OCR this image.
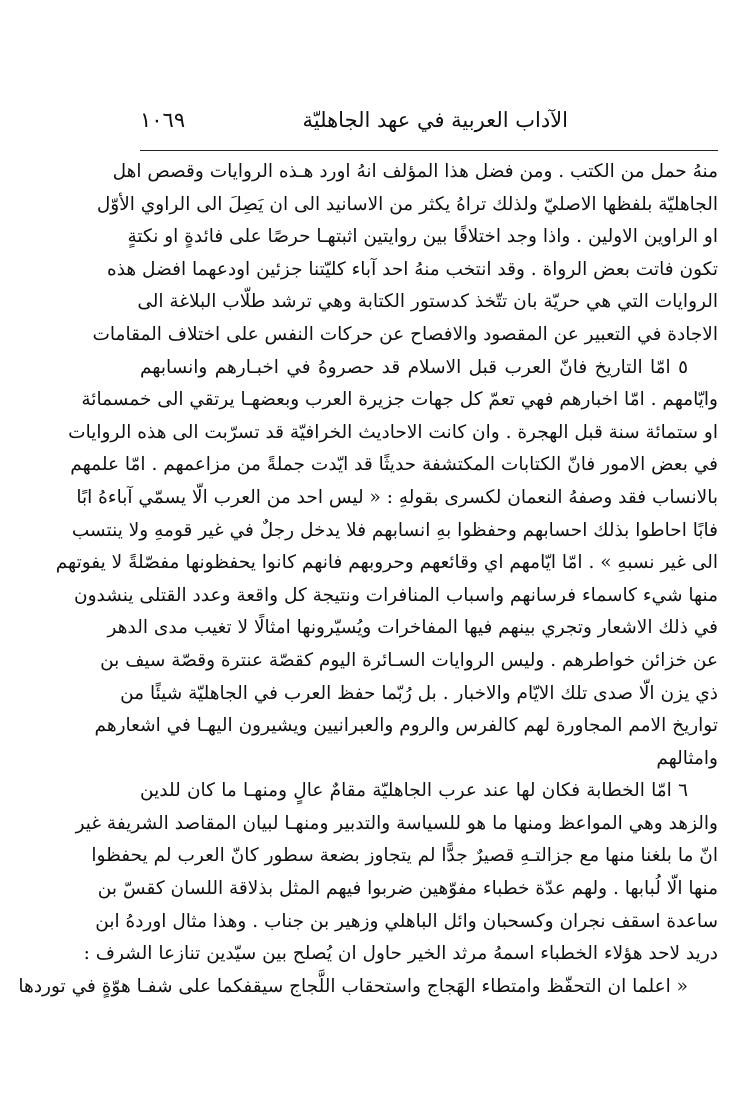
الآداب العربية في عهد الجاهليّة
١٠٦٩
منهُ حمل من الكتب . ومن فضل هذا المؤلف انهُ اورد هـذه الروايات وقصص اهل
الجاهليّة بلفظها الاصليّ ولذلك تراهُ يكثر من الاسانيد الى ان يَصِلَ الى الراوي الأوّل
او الراوين الاولين . واذا وجد اختلافًا بين روايتين اثبتهـا حرصًا على فائدةٍ او نكتةٍ
تكون فاتت بعض الرواة . وقد انتخب منهُ احد آباء كليّتنا جزئين اودعهما افضل هذه
الروايات التي هي حريّة بان تتّخذ كدستور الكتابة وهي ترشد طلّاب البلاغة الى
الاجادة في التعبير عن المقصود والافصاح عن حركات النفس على اختلاف المقامات
٥ امّا التاريخ فانّ العرب قبل الاسلام قد حصروهُ في اخبـارهم وانسابهم
وايّامهم . امّا اخبارهم فهي تعمّ كل جهات جزيرة العرب وبعضهـا يرتقي الى خمسمائة
او ستمائة سنة قبل الهجرة . وان كانت الاحاديث الخرافيّة قد تسرّبت الى هذه الروايات
في بعض الامور فانّ الكتابات المكتشفة حديثًا قد ايّدت جملةً من مزاعمهم . امّا علمهم
بالانساب فقد وصفهُ النعمان لكسرى بقولهِ : « ليس احد من العرب الّا يسمّي آباءهُ ابًا
فابًا احاطوا بذلك احسابهم وحفظوا بهِ انسابهم فلا يدخل رجلٌ في غير قومهِ ولا ينتسب
الى غير نسبهِ » . امّا ايّامهم اي وقائعهم وحروبهم فانهم كانوا يحفظونها مفصّلةً لا يفوتهم
منها شيء كاسماء فرسانهم واسباب المنافرات ونتيجة كل واقعة وعدد القتلى ينشدون
في ذلك الاشعار وتجري بينهم فيها المفاخرات ويُسيّرونها امثالًا لا تغيب مدى الدهر
عن خزائن خواطرهم . وليس الروايات السـائرة اليوم كقصّة عنترة وقصّة سيف بن
ذي يزن الّا صدى تلك الايّام والاخبار . بل رُبّما حفظ العرب في الجاهليّة شيئًا من
تواريخ الامم المجاورة لهم كالفرس والروم والعبرانيين ويشيرون اليهـا في اشعارهم
وامثالهم
٦ امّا الخطابة فكان لها عند عرب الجاهليّة مقامٌ عالٍ ومنهـا ما كان للدين
والزهد وهي المواعظ ومنها ما هو للسياسة والتدبير ومنهـا لبيان المقاصد الشريفة غير
انّ ما بلغنا منها مع جزالتـهِ قصيرٌ جدًّا لم يتجاوز بضعة سطور كانّ العرب لم يحفظوا
منها الّا لُبابها . ولهم عدّة خطباء مفوّهين ضربوا فيهم المثل بذلاقة اللسان كقسّ بن
ساعدة اسقف نجران وكسحبان وائل الباهلي وزهير بن جناب . وهذا مثال اوردهُ ابن
دريد لاحد هؤلاء الخطباء اسمهُ مرثد الخير حاول ان يُصلح بين سيّدين تنازعا الشرف :
« اعلما ان التحفّظ وامتطاء الهَجاج واستحقاب اللَّجاج سيقفكما على شفـا هوّةٍ في توردها
